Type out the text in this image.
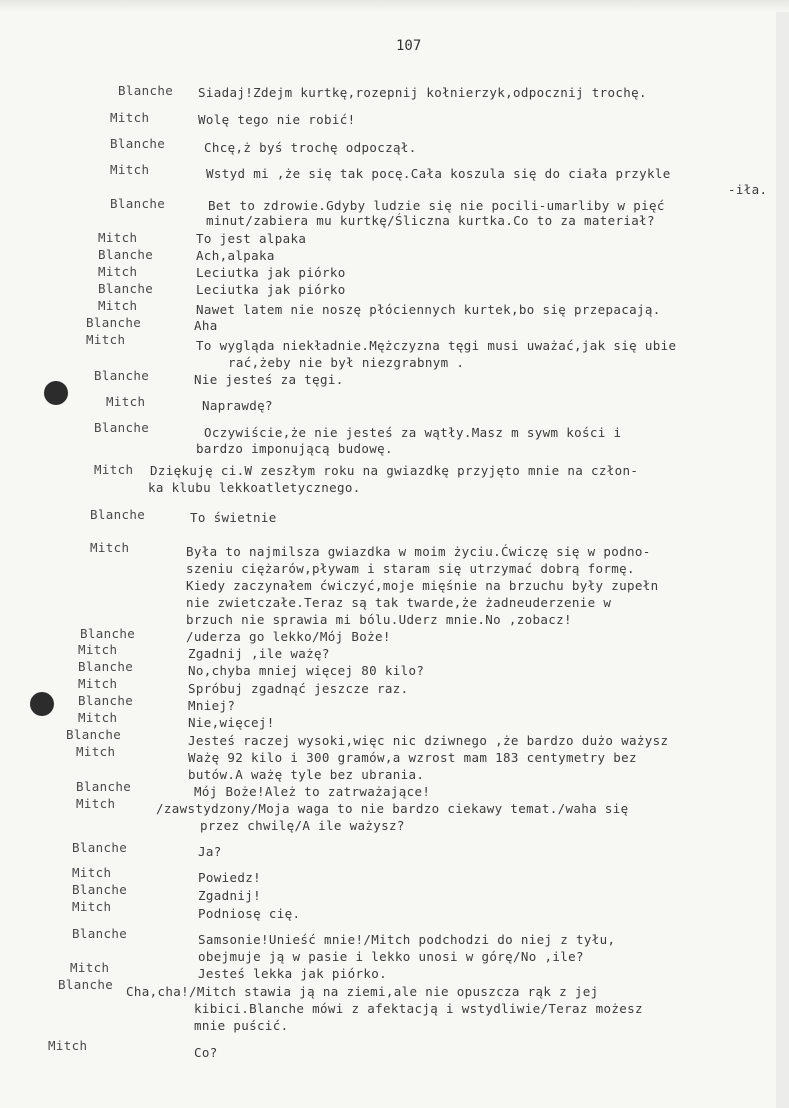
107
Blanche Siadaj!Zdejm kurtkę,rozepnij kołnierzyk,odpocznij trochę.
Mitch	Wolę tego nie robić!
Blanche	Chcę,ż byś trochę odpoczął.
Mitch	Wstyd mi ,że się tak pocę.Cała koszula się do ciała przykle
-iła.
Blanche	Bet to zdrowie.Gdyby ludzie się nie pocili-umarliby w pięć
minut/zabiera mu kurtkę/Śliczna kurtka.Co to za materiał?
Mitch	To jest alpaka
Blanche	Ach,alpaka
Mitch	Leciutka jak piórko
Blanche	Leciutka jak piórko
Mitch	Nawet latem nie noszę płóciennych kurtek,bo się przepacają.
Blanche	Aha
Mitch	To wygląda niekładnie.Mężczyzna tęgi musi uważać,jak się ubie
rać,żeby nie był niezgrabnym .
Blanche	Nie jesteś za tęgi.
Mitch	Naprawdę?
Blanche	Oczywiście,że nie jesteś za wątły.Masz m sywm kości i
bardzo imponującą budowę.
Mitch Dziękuję ci.W zeszłym roku na gwiazdkę przyjęto mnie na człon-
ka klubu lekkoatletycznego.
Blanche	To świetnie
Mitch	Była to najmilsza gwiazdka w moim życiu.Ćwiczę się w podno-
szeniu ciężarów,pływam i staram się utrzymać dobrą formę.
Kiedy zaczynałem ćwiczyć,moje mięśnie na brzuchu były zupełn
nie zwietczałe.Teraz są tak twarde,że żadneuderzenie w
brzuch nie sprawia mi bólu.Uderz mnie.No ,zobacz!
Blanche	/uderza go lekko/Mój Boże!
Mitch	Zgadnij ,ile ważę?
Blanche	No,chyba mniej więcej 80 kilo?
Mitch	Spróbuj zgadnąć jeszcze raz.
Blanche	Mniej?
Mitch	Nie,więcej!
Blanche	Jesteś raczej wysoki,więc nic dziwnego ,że bardzo dużo ważysz
Mitch	Ważę 92 kilo i 300 gramów,a wzrost mam 183 centymetry bez
butów.A ważę tyle bez ubrania.
Blanche	Mój Boże!Ależ to zatrważające!
Mitch	/zawstydzony/Moja waga to nie bardzo ciekawy temat./waha się
przez chwilę/A ile ważysz?
Blanche	Ja?
Mitch	Powiedz!
Blanche	Zgadnij!
Mitch	Podniosę cię.
Blanche	Samsonie!Unieść mnie!/Mitch podchodzi do niej z tyłu,
obejmuje ją w pasie i lekko unosi w górę/No ,ile?
Mitch	Jesteś lekka jak piórko.
Blanche Cha,cha!/Mitch stawia ją na ziemi,ale nie opuszcza rąk z jej
kibici.Blanche mówi z afektacją i wstydliwie/Teraz możesz
mnie puścić.
Mitch	Co?
